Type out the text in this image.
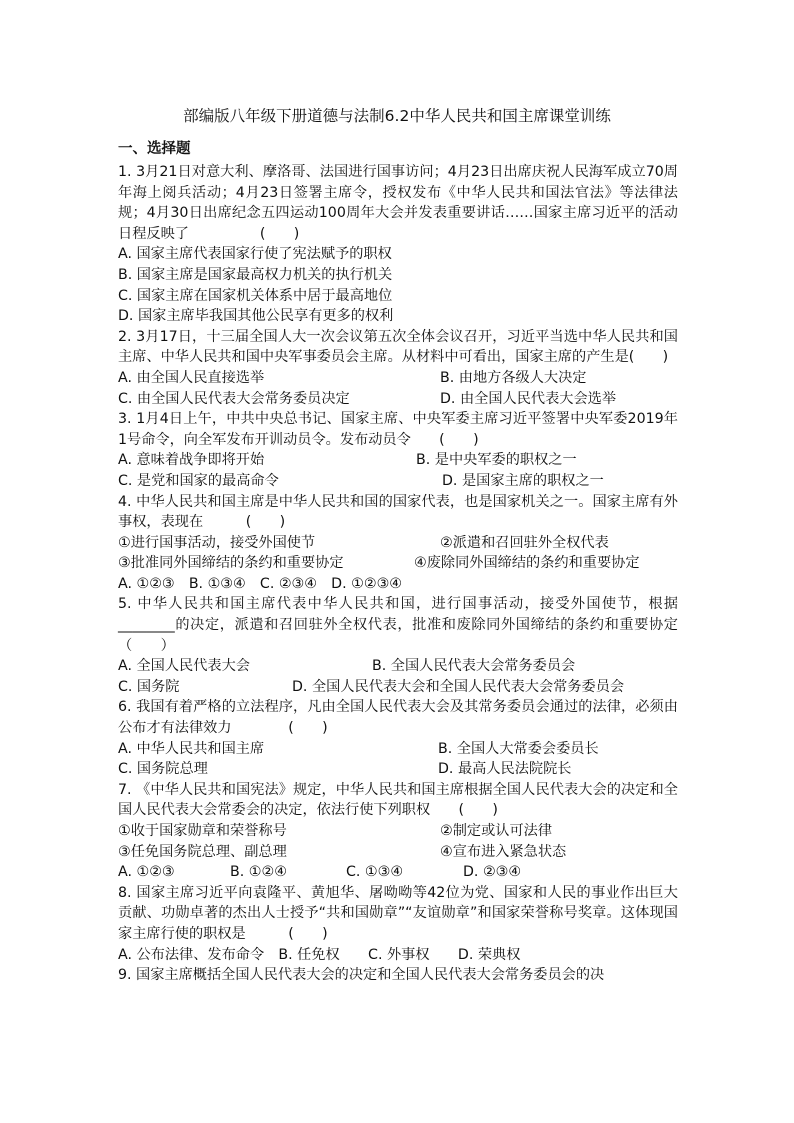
部编版八年级下册道德与法制6.2中华人民共和国主席课堂训练
一、选择题

1. 3月21日对意大利、摩洛哥、法国进行国事访问；4月23日出席庆祝人民海军成立70周年海上阅兵活动；4月23日签署主席令，授权发布《中华人民共和国法官法》等法律法规；4月30日出席纪念五四运动100周年大会并发表重要讲话……国家主席习近平的活动日程反映了　　　　　(　　)

A. 国家主席代表国家行使了宪法赋予的职权
B. 国家主席是国家最高权力机关的执行机关
C. 国家主席在国家机关体系中居于最高地位
D. 国家主席毕我国其他公民享有更多的权利

2. 3月17日，十三届全国人大一次会议第五次全体会议召开，习近平当选中华人民共和国主席、中华人民共和国中央军事委员会主席。从材料中可看出，国家主席的产生是(　　)

A. 由全国人民直接选举	B. 由地方各级人大决定
C. 由全国人民代表大会常务委员决定	D. 由全国人民代表大会选举

3. 1月4日上午，中共中央总书记、国家主席、中央军委主席习近平签署中央军委2019年1号命令，向全军发布开训动员令。发布动员令　　(　　)

A. 意味着战争即将开始	B. 是中央军委的职权之一
C. 是党和国家的最高命令	D. 是国家主席的职权之一

4. 中华人民共和国主席是中华人民共和国的国家代表，也是国家机关之一。国家主席有外事权，表现在　　　(　　)

①进行国事活动，接受外国使节	②派遣和召回驻外全权代表
③批准同外国缔结的条约和重要协定	④废除同外国缔结的条约和重要协定
A. ①②③　B. ①③④　C. ②③④　D. ①②③④

5. 中华人民共和国主席代表中华人民共和国，进行国事活动，接受外国使节，根据________的决定，派遣和召回驻外全权代表，批准和废除同外国缔结的条约和重要协定（　　）

A. 全国人民代表大会	B. 全国人民代表大会常务委员会
C. 国务院	D. 全国人民代表大会和全国人民代表大会常务委员会

6. 我国有着严格的立法程序，凡由全国人民代表大会及其常务委员会通过的法律，必须由公布才有法律效力　　　　(　　)

A. 中华人民共和国主席	B. 全国人大常委会委员长
C. 国务院总理	D. 最高人民法院院长

7. 《中华人民共和国宪法》规定，中华人民共和国主席根据全国人民代表大会的决定和全国人民代表大会常委会的决定，依法行使下列职权　　(　　)

①收于国家勋章和荣誉称号	②制定或认可法律
③任免国务院总理、副总理	④宣布进入紧急状态
A. ①②③	B. ①②④	C. ①③④	D. ②③④

8. 国家主席习近平向袁隆平、黄旭华、屠呦呦等42位为党、国家和人民的事业作出巨大贡献、功勋卓著的杰出人士授予“共和国勋章”“友谊勋章”和国家荣誉称号奖章。这体现国家主席行使的职权是　　　(　　)

A. 公布法律、发布命令　B. 任免权　　C. 外事权　　D. 荣典权
9. 国家主席概括全国人民代表大会的决定和全国人民代表大会常务委员会的决
